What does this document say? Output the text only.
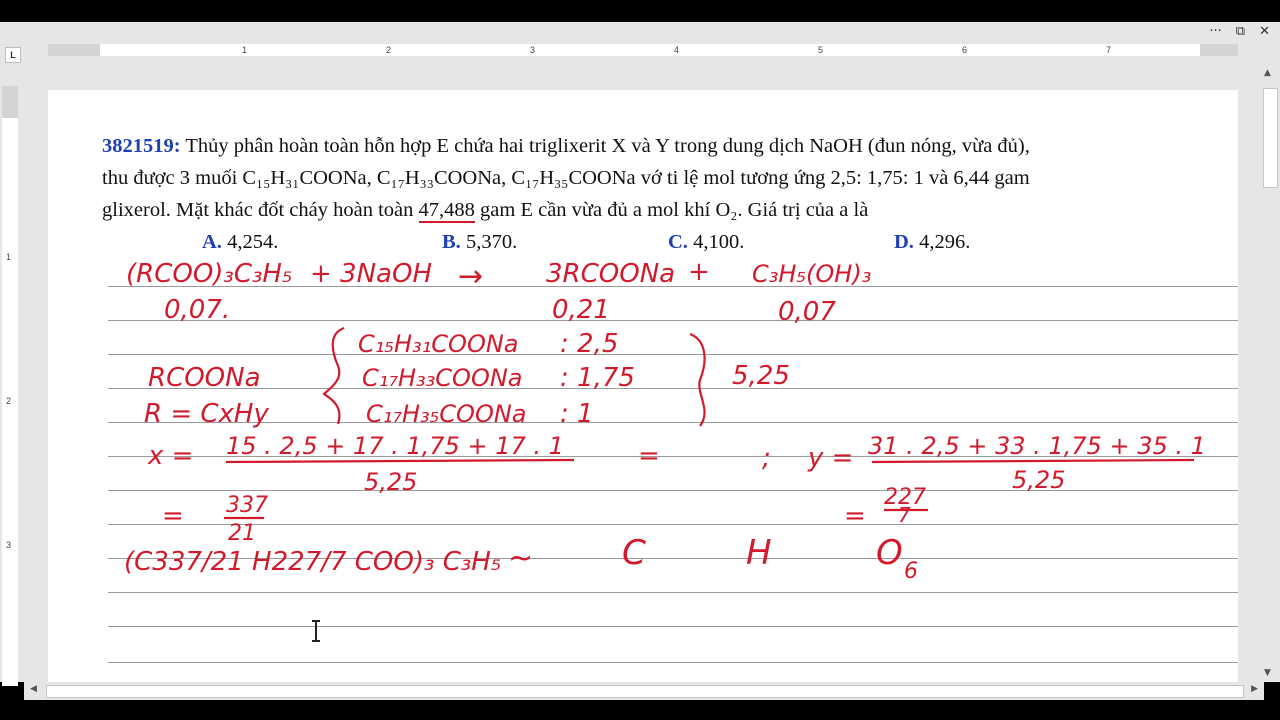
L
··· ⧉ ✕
1	2	3	4	5	6	7
1
2
3
3821519: Thủy phân hoàn toàn hỗn hợp E chứa hai triglixerit X và Y trong dung dịch NaOH (đun nóng, vừa đủ),
thu được 3 muối C₁₅H₃₁COONa, C₁₇H₃₃COONa, C₁₇H₃₅COONa vớ ti lệ mol tương ứng 2,5: 1,75: 1 và 6,44 gam
glixerol. Mặt khác đốt cháy hoàn toàn 47,488 gam E cần vừa đủ a mol khí O₂. Giá trị của a là
A. 4,254.	B. 5,370.	C. 4,100.	D. 4,296.
(RCOO)₃C₃H₅ + 3NaOH → 3RCOONa + C₃H₅(OH)₃
0,07.	0,21	0,07
RCOONa
R = CxHy
C₁₅H₃₁COONa
C₁₇H₃₃COONa
C₁₇H₃₅COONa
: 2,5
: 1,75
: 1
5,25
x = 15 . 2,5 + 17 . 1,75 + 17 . 1
5,25
=	; y = 31 . 2,5 + 33 . 1,75 + 35 . 1
5,25
= 337
21
=
227
7
(C337/21 H227/7 COO)₃ C₃H₅ ~	C	H	O 6
▲
▼
◀	▶
